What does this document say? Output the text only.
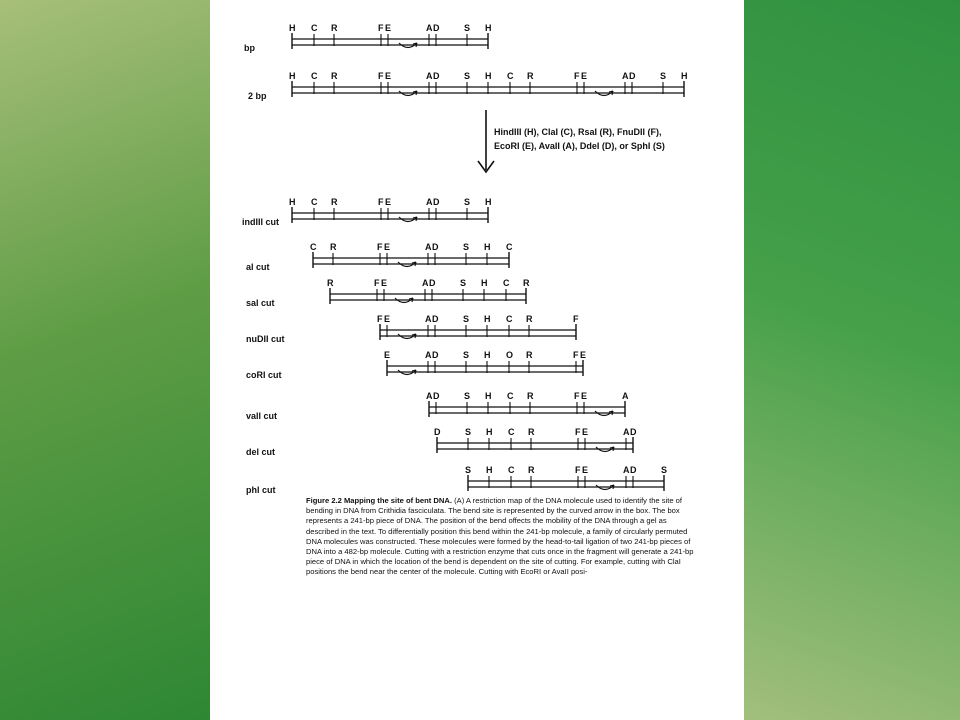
bp
H C R	F E	A D	S H
2 bp
H C R	F E	A D	S H C R	F E	A D	S H
indIII cut
H C R	F E	A D	S H
al cut
C R	F E	A D	S H C
sal cut
R	F E	A D	S H C R
nuDII cut
F E	A D	S H C R	F
coRI cut
E	A D	S H O R	F E
vall cut
A D	S H C R	F E	A
del cut
D	S H C R	F E	A D
phl cut
S H C R	F E	A D	S
HindIII (H), ClaI (C), RsaI (R), FnuDII (F),
EcoRI (E), AvaII (A), DdeI (D), or SphI (S)

Figure 2.2 Mapping the site of bent DNA. (A) A restriction map of the DNA molecule used to identify the site of bending in DNA from Crithidia fasciculata. The bend site is represented by the curved arrow in the box. The box represents a 241-bp piece of DNA. The position of the bend offects the mobility of the DNA through a gel as described in the text. To differentially position this bend within the 241-bp molecule, a family of circularly permuted DNA molecules was constructed. These molecules were formed by the head-to-tail ligation of two 241-bp pieces of DNA into a 482-bp molecule. Cutting with a restriction enzyme that cuts once in the fragment will generate a 241-bp piece of DNA in which the location of the bend is dependent on the site of cutting. For example, cutting with ClaI positions the bend near the center of the molecule. Cutting with EcoRI or AvaII posi-
